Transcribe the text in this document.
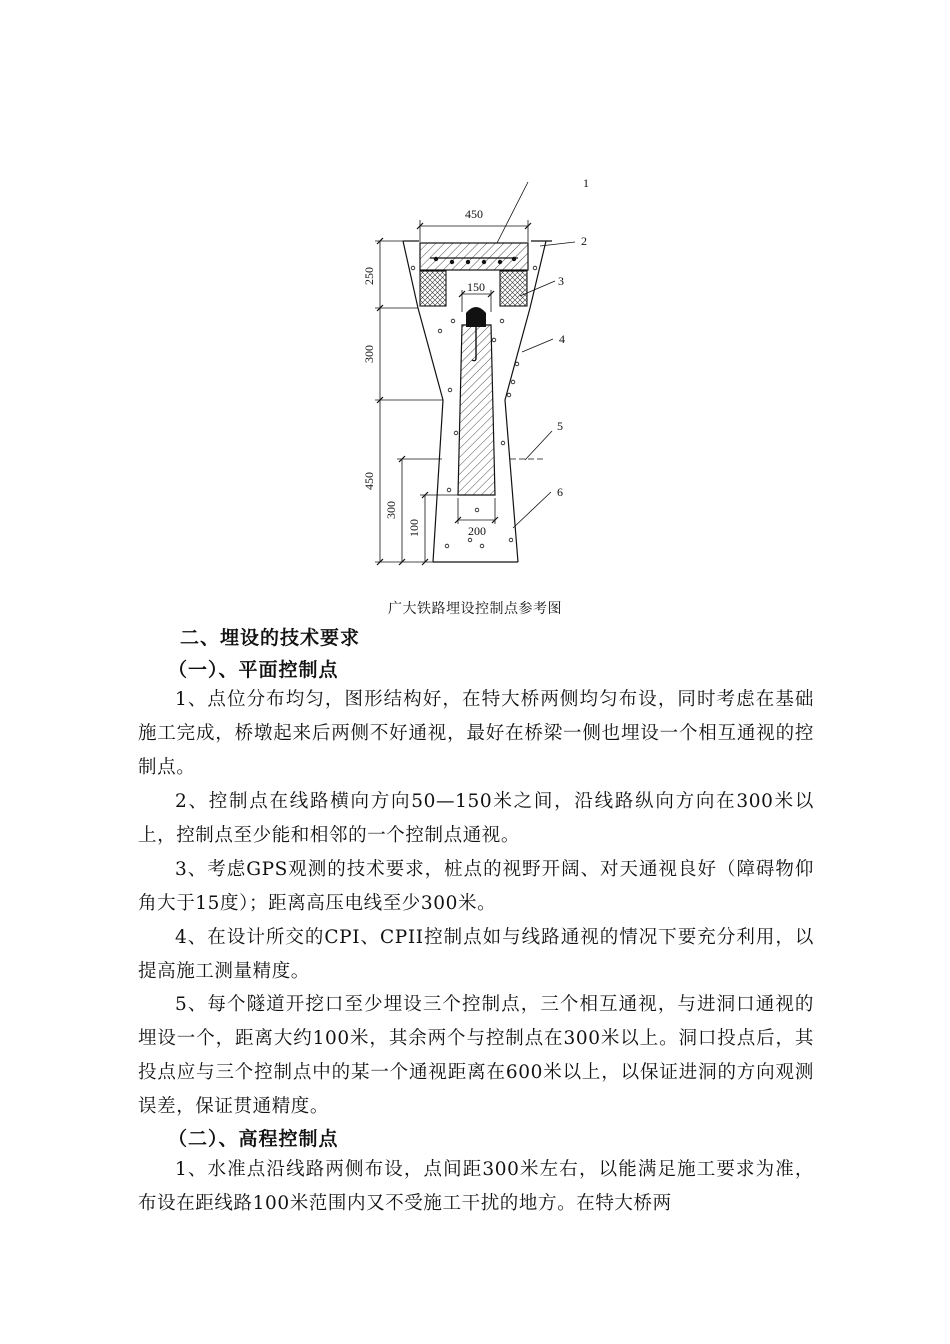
450
150
200
250
300
450
300
100
1
2
3
4
5
6
广大铁路埋设控制点参考图
二、埋设的技术要求
（一）、平面控制点
1、点位分布均匀，图形结构好，在特大桥两侧均匀布设，同时考虑在基础施工完成，桥墩起来后两侧不好通视，最好在桥梁一侧也埋设一个相互通视的控制点。
2、控制点在线路横向方向50—150米之间，沿线路纵向方向在300米以上，控制点至少能和相邻的一个控制点通视。
3、考虑GPS观测的技术要求，桩点的视野开阔、对天通视良好（障碍物仰角大于15度）；距离高压电线至少300米。
4、在设计所交的CPI、CPII控制点如与线路通视的情况下要充分利用，以提高施工测量精度。
5、每个隧道开挖口至少埋设三个控制点，三个相互通视，与进洞口通视的埋设一个，距离大约100米，其余两个与控制点在300米以上。洞口投点后，其投点应与三个控制点中的某一个通视距离在600米以上，以保证进洞的方向观测误差，保证贯通精度。
（二）、高程控制点
1、水准点沿线路两侧布设，点间距300米左右，以能满足施工要求为准，布设在距线路100米范围内又不受施工干扰的地方。在特大桥两
